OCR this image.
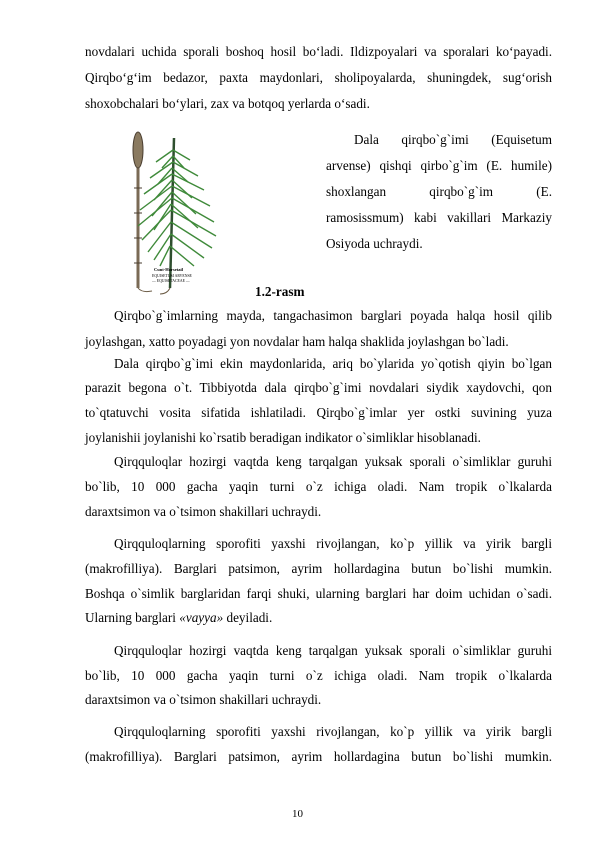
novdalari uchida sporali boshoq hosil bo‘ladi. Ildizpoyalari va sporalari ko‘payadi.
Qirqbo‘g‘im bedazor, paxta maydonlari, sholipoyalarda, shuningdek, sug‘orish
shoxobchalari bo‘ylari, zax va botqoq yerlarda o‘sadi.
Cunt-Horsetail
EQUISETUM ARVENSE
— EQUISETACEAE —
Dala qirqbo`g`imi (Equisetum
arvense) qishqi qirbo`g`im (E. humile)
shoxlangan qirqbo`g`im (E.
ramosissmum) kabi vakillari Markaziy
Osiyoda uchraydi.
1.2-rasm
Qirqbo`g`imlarning mayda, tangachasimon barglari poyada halqa hosil qilib
joylashgan, xatto poyadagi yon novdalar ham halqa shaklida joylashgan bo`ladi.
Dala qirqbo`g`imi ekin maydonlarida, ariq bo`ylarida yo`qotish qiyin bo`lgan
parazit begona o`t. Tibbiyotda dala qirqbo`g`imi novdalari siydik xaydovchi, qon
to`qtatuvchi vosita sifatida ishlatiladi. Qirqbo`g`imlar yer ostki suvining yuza
joylanishii joylanishi ko`rsatib beradigan indikator o`simliklar hisoblanadi.
Qirqquloqlar hozirgi vaqtda keng tarqalgan yuksak sporali o`simliklar guruhi
bo`lib, 10 000 gacha yaqin turni o`z ichiga oladi. Nam tropik o`lkalarda
daraxtsimon va o`tsimon shakillari uchraydi.
Qirqquloqlarning sporofiti yaxshi rivojlangan, ko`p yillik va yirik bargli
(makrofilliya). Barglari patsimon, ayrim hollardagina butun bo`lishi mumkin.
Boshqa o`simlik barglaridan farqi shuki, ularning barglari har doim uchidan o`sadi.
Ularning barglari «vayya» deyiladi.
Qirqquloqlar hozirgi vaqtda keng tarqalgan yuksak sporali o`simliklar guruhi
bo`lib, 10 000 gacha yaqin turni o`z ichiga oladi. Nam tropik o`lkalarda
daraxtsimon va o`tsimon shakillari uchraydi.
Qirqquloqlarning sporofiti yaxshi rivojlangan, ko`p yillik va yirik bargli
(makrofilliya). Barglari patsimon, ayrim hollardagina butun bo`lishi mumkin.
10
